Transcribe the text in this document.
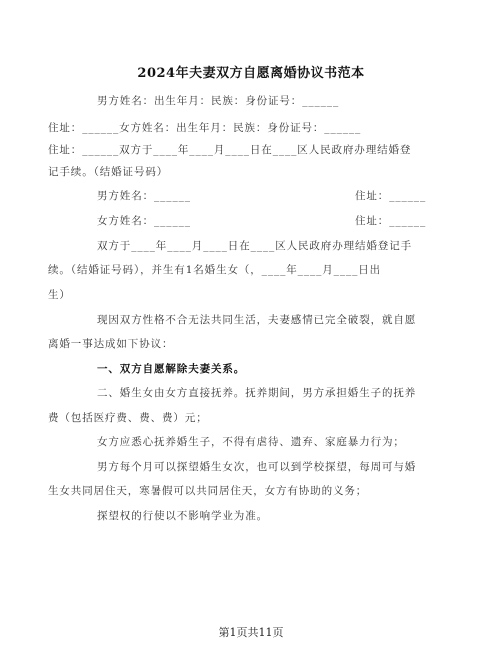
2024年夫妻双方自愿离婚协议书范本
男方姓名：出生年月：民族：身份证号：______
住址：______女方姓名：出生年月：民族：身份证号：______
住址：______双方于____年____月____日在____区人民政府办理结婚登
记手续。（结婚证号码）
男方姓名：______	住址：______
女方姓名：______	住址：______
双方于____年____月____日在____区人民政府办理结婚登记手
续。（结婚证号码），并生有1名婚生女（，____年____月____日出
生）
现因双方性格不合无法共同生活，夫妻感情已完全破裂，就自愿
离婚一事达成如下协议：
一、双方自愿解除夫妻关系。
二、婚生女由女方直接抚养。抚养期间，男方承担婚生子的抚养
费（包括医疗费、费、费）元；
女方应悉心抚养婚生子，不得有虐待、遗弃、家庭暴力行为；
男方每个月可以探望婚生女次，也可以到学校探望，每周可与婚
生女共同居住天，寒暑假可以共同居住天，女方有协助的义务；
探望权的行使以不影响学业为准。
第1页共11页
